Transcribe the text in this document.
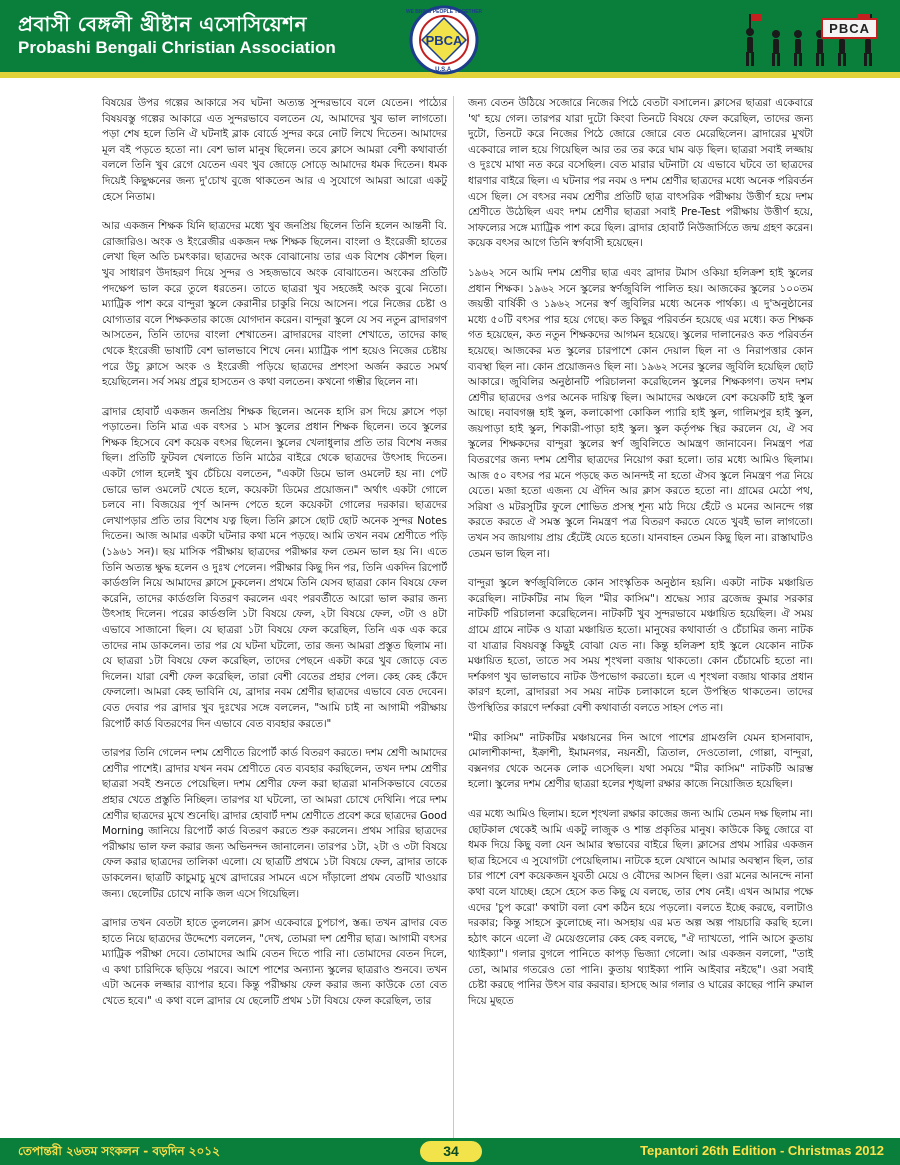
প্রবাসী বেঙ্গলী খ্রীষ্টান এসোসিয়েশন
Probashi Bengali Christian Association	PBCA
WE BRING PEOPLE TOGETHER
U.S.A.
PBCA

বিষয়ের উপর গল্পের আকারে সব ঘটনা অত্যন্ত সুন্দরভাবে বলে যেতেন। পাঠ্যের বিষয়বস্তু গল্পের আকারে এত সুন্দরভাবে বলতেন যে, আমাদের খুব ভাল লাগতো। পড়া শেষ হলে তিনি ঐ ঘটনাই ব্লাক বোর্ডে সুন্দর করে নোট লিখে দিতেন। আমাদের মূল বই পড়তে হতো না। বেশ ভাল মানুষ ছিলেন। তবে ক্লাসে আমরা বেশী কথাবার্তা বললে তিনি খুব রেগে যেতেন এবং খুব জোড়ে সোড়ে আমাদের ধমক দিতেন। ধমক দিয়েই কিছুক্ষনের জন্য দু'চোখ বুজে থাকতেন আর এ সুযোগে আমরা আরো একটু হেসে নিতাম।

আর একজন শিক্ষক যিনি ছাত্রদের মধ্যে খুব জনপ্রিয় ছিলেন তিনি হলেন আন্তনী বি. রোজারিও। অংক ও ইংরেজীর একজন দক্ষ শিক্ষক ছিলেন। বাংলা ও ইংরেজী হাতের লেখা ছিল অতি চমৎকার। ছাত্রদের অংক বোঝানোয় তার এক বিশেষ কৌশল ছিল। খুব সাধারণ উদাহরণ দিয়ে সুন্দর ও সহজভাবে অংক বোঝাতেন। অংকের প্রতিটি পদক্ষেপ ভাল করে তুলে ধরতেন। তাতে ছাত্ররা খুব সহজেই অংক বুঝে নিতো। ম্যাট্রিক পাশ করে বান্দুরা স্কুলে কেরানীর চাকুরি নিয়ে আসেন। পরে নিজের চেষ্টা ও যোগ্যতার বলে শিক্ষকতার কাজে যোগদান করেন। বান্দুরা স্কুলে যে সব নতুন ব্রাদারগণ আসতেন, তিনি তাদের বাংলা শেখাতেন। ব্রাদারদের বাংলা শেখাতে, তাদের কাছ থেকে ইংরেজী ভাষাটি বেশ ভালভাবে শিখে নেন। ম্যাট্রিক পাশ হয়েও নিজের চেষ্টায় পরে উচু ক্লাসে অংক ও ইংরেজী পড়িয়ে ছাত্রদের প্রশংসা অর্জন করতে সমর্থ হয়েছিলেন। সর্ব সময় প্রচুর হাসতেন ও কথা বলতেন। কখনো গম্ভীর ছিলেন না।

ব্রাদার হোবার্ট একজন জনপ্রিয় শিক্ষক ছিলেন। অনেক হাসি রস দিয়ে ক্লাসে পড়া পড়াতেন। তিনি মাত্র এক বৎসর ১ মাস স্কুলের প্রধান শিক্ষক ছিলেন। তবে স্কুলের শিক্ষক হিসেবে বেশ কয়েক বৎসর ছিলেন। স্কুলের খেলাধুলার প্রতি তার বিশেষ নজর ছিল। প্রতিটি ফুটবল খেলাতে তিনি মাঠের বাইরে থেকে ছাত্রদের উৎসাহ দিতেন। একটা গোল হলেই খুব চেঁচিয়ে বলতেন, "একটা ডিমে ভাল ওমলেট হয় না। পেট ভোরে ভাল ওমলেট খেতে হলে, কয়েকটা ডিমের প্রয়োজন।" অর্থাৎ একটা গোলে চলবে না। বিজয়ের পূর্ণ আনন্দ পেতে হলে কয়েকটা গোলের দরকার। ছাত্রদের লেখাপড়ার প্রতি তার বিশেষ যত্ন ছিল। তিনি ক্লাসে ছোট ছোট অনেক সুন্দর Notes দিতেন। আজ আমার একটা ঘটনার কথা মনে পড়ছে। আমি তখন নবম শ্রেণীতে পড়ি (১৯৬১ সন)। ছয় মাসিক পরীক্ষায় ছাত্রদের পরীক্ষার ফল তেমন ভাল হয় নি। এতে তিনি অত্যন্ত ক্ষুদ্ধ হলেন ও দুঃখ পেলেন। পরীক্ষার কিছু দিন পর, তিনি একদিন রিপোর্ট কার্ডগুলি নিয়ে আমাদের ক্লাসে ঢুকলেন। প্রথমে তিনি যেসব ছাত্ররা কোন বিষয়ে ফেল করেনি, তাদের কার্ডগুলি বিতরণ করলেন এবং পরবর্তীতে আরো ভাল করার জন্য উৎসাহ দিলেন। পরের কার্ডগুলি ১টা বিষয়ে ফেল, ২টা বিষয়ে ফেল, ৩টা ও ৪টা এভাবে সাজানো ছিল। যে ছাত্ররা ১টা বিষয়ে ফেল করেছিল, তিনি এক এক করে তাদের নাম ডাকলেন। তার পর যে ঘটনা ঘটলো, তার জন্য আমরা প্রস্তুত ছিলাম না। যে ছাত্ররা ১টা বিষয়ে ফেল করেছিল, তাদের পেছনে একটা করে খুব জোড়ে বেত দিলেন। যারা বেশী ফেল করেছিল, তারা বেশী বেতের প্রহার পেল। কেহ কেহ কেঁদে ফেললো। আমরা কেহ ভাবিনি যে, ব্রাদার নবম শ্রেণীর ছাত্রদের এভাবে বেত দেবেন। বেত দেবার পর ব্রাদার খুব দুঃখের সঙ্গে বললেন, "আমি চাই না আগামী পরীক্ষায় রিপোর্ট কার্ড বিতরণের দিন এভাবে বেত ব্যবহার করতে।"

তারপর তিনি গেলেন দশম শ্রেণীতে রিপোর্ট কার্ড বিতরণ করতে। দশম শ্রেণী আমাদের শ্রেণীর পাশেই। ব্রাদার যখন নবম শ্রেণীতে বেত ব্যবহার করছিলেন, তখন দশম শ্রেণীর ছাত্ররা সবই শুনতে পেয়েছিল। দশম শ্রেণীর ফেল করা ছাত্ররা মানসিকভাবে বেতের প্রহার খেতে প্রস্তুতি নিচ্ছিল। তারপর যা ঘটলো, তা আমরা চোখে দেখিনি। পরে দশম শ্রেণীর ছাত্রদের মুখে শুনেছি। ব্রাদার হোবার্ট দশম শ্রেণীতে প্রবেশ করে ছাত্রদের Good Morning জানিয়ে রিপোর্ট কার্ড বিতরণ করতে শুরু করলেন। প্রথম সারির ছাত্রদের পরীক্ষায় ভাল ফল করার জন্য অভিনন্দন জানালেন। তারপর ১টা, ২টা ও ৩টা বিষয়ে ফেল করার ছাত্রদের তালিকা এলো। যে ছাত্রটি প্রথমে ১টা বিষয়ে ফেল, ব্রাদার তাকে ডাকলেন। ছাত্রটি কাচুমাচু মুখে ব্রাদারের সামনে এসে দাঁড়ালো প্রথম বেতটি খাওয়ার জন্য। ছেলেটির চোখে নাকি জল এসে গিয়েছিল।

ব্রাদার তখন বেতটা হাতে তুললেন। ক্লাস একেবারে চুপচাপ, স্তব্ধ। তখন ব্রাদার বেত হাতে নিয়ে ছাত্রদের উদ্দেশ্যে বললেন, "দেখ, তোমরা দশ শ্রেণীর ছাত্র। আগামী বৎসর ম্যাট্রিক পরীক্ষা দেবে। তোমাদের আমি বেতন দিতে পারি না। তোমাদের বেতন দিলে, এ কথা চারিদিকে ছড়িয়ে পরবে। আশে পাশের অন্যান্য স্কুলের ছাত্ররাও শুনবে। তখন এটা অনেক লজ্জার ব্যাপার হবে। কিন্তু পরীক্ষায় ফেল করার জন্য কাউকে তো বেত খেতে হবে।" এ কথা বলে ব্রাদার যে ছেলেটি প্রথম ১টা বিষয়ে ফেল করেছিল, তার

জন্য বেতন উঠিয়ে সজোরে নিজের পিঠে বেতটা বসালেন। ক্লাসের ছাত্ররা একেবারে 'থ' হয়ে গেল। তারপর যারা দুটো কিংবা তিনটে বিষয়ে ফেল করেছিল, তাদের জন্য দুটো, তিনটে করে নিজের পিঠে জোরে জোরে বেত মেরেছিলেন। ব্রাদারের মুখটা একেবারে লাল হয়ে গিয়েছিল আর তর তর করে ঘাম ঝড় ছিল। ছাত্ররা সবাই লজ্জায় ও দুঃখে মাথা নত করে বসেছিল। বেত মারার ঘটনাটা যে এভাবে ঘটবে তা ছাত্রদের ধারণার বাইরে ছিল। এ ঘটনার পর নবম ও দশম শ্রেণীর ছাত্রদের মধ্যে অনেক পরিবর্তন এসে ছিল। সে বৎসর নবম শ্রেণীর প্রতিটি ছাত্র বাৎসরিক পরীক্ষায় উত্তীর্ণ হয়ে দশম শ্রেণীতে উঠেছিল এবং দশম শ্রেণীর ছাত্ররা সবাই Pre-Test পরীক্ষায় উত্তীর্ণ হয়ে, সাফল্যের সঙ্গে ম্যাট্রিক পাশ করে ছিল। ব্রাদার হোবার্ট নিউজার্সিতে জন্ম গ্রহণ করেন। কয়েক বৎসর আগে তিনি স্বর্গবাসী হয়েছেন।

১৯৬২ সনে আমি দশম শ্রেণীর ছাত্র এবং ব্রাদার টমাস ওকিয়া হলিক্রশ হাই স্কুলের প্রধান শিক্ষক। ১৯৬২ সনে স্কুলের স্বর্ণজুবিলি পালিত হয়। আজকের স্কুলের ১০০তম জয়ন্তী বার্ষিকী ও ১৯৬২ সনের স্বর্ণ জুবিলির মধ্যে অনেক পার্থক্য। এ দু'অনুষ্ঠানের মধ্যে ৫০টি বৎসর পার হয়ে গেছে। কত কিছুর পরিবর্তন হয়েছে এর মধ্যে। কত শিক্ষক গত হয়েছেন, কত নতুন শিক্ষকদের আগমন হয়েছে। স্কুলের দালানেরও কত পরিবর্তন হয়েছে। আজকের মত স্কুলের চারপাশে কোন দেয়াল ছিল না ও নিরাপত্তার কোন ব্যবস্থা ছিল না। কোন প্রয়োজনও ছিল না। ১৯৬২ সনের স্কুলের জুবিলি হয়েছিল ছোট আকারে। জুবিলির অনুষ্ঠানটি পরিচালনা করেছিলেন স্কুলের শিক্ষকগণ। তখন দশম শ্রেণীর ছাত্রদের ওপর অনেক দায়িত্ব ছিল। আমাদের অঞ্চলে বেশ কয়েকটি হাই স্কুল আছে। নবাবগঞ্জ হাই স্কুল, কলাকোপা কোকিল প্যারি হাই স্কুল, গালিমপুর হাই স্কুল, জয়পাড়া হাই স্কুল, শিকারী-পাড়া হাই স্কুল। স্কুল কর্তৃপক্ষ স্থির করলেন যে, ঐ সব স্কুলের শিক্ষকদের বান্দুরা স্কুলের স্বর্ণ জুবিলিতে আমন্ত্রণ জানাবেন। নিমন্ত্রণ পত্র বিতরণের জন্য দশম শ্রেণীর ছাত্রদের নিয়োগ করা হলো। তার মধ্যে আমিও ছিলাম। আজ ৫০ বৎসর পর মনে পড়ছে কত আনন্দই না হতো ঐসব স্কুলে নিমন্ত্রণ পত্র নিয়ে যেতে। মজা হতো এজন্য যে ঐদিন আর ক্লাস করতে হতো না। গ্রামের মেঠো পথ, সরিষা ও মটরসুটির ফুলে শোভিত প্রসস্থ শূন্য মাঠ দিয়ে হেঁটে ও মনের আনন্দে গল্প করতে করতে ঐ সমস্ত স্কুলে নিমন্ত্রণ পত্র বিতরণ করতে যেতে খুবই ভাল লাগতো। তখন সব জায়গায় প্রায় হেঁটেই যেতে হতো। যানবাহন তেমন কিছু ছিল না। রাস্তাঘাটও তেমন ভাল ছিল না।

বান্দুরা স্কুলে স্বর্ণজুবিলিতে কোন সাংস্কৃতিক অনুষ্ঠান হয়নি। একটা নাটক মঞ্চায়িত করেছিল। নাটকটির নাম ছিল "মীর কাসিম"। শ্রদ্ধেয় স্যার ব্রজেন্দ্র কুমার সরকার নাটকটি পরিচালনা করেছিলেন। নাটকটি খুব সুন্দরভাবে মঞ্চায়িত হয়েছিল। ঐ সময় গ্রামে গ্রামে নাটক ও যাত্রা মঞ্চায়িত হতো। মানুষের কথাবার্তা ও চেঁচামির জন্য নাটক বা যাত্রার বিষয়বস্তু কিছুই বোঝা যেত না। কিন্তু হলিক্রশ হাই স্কুলে যেকোন নাটক মঞ্চায়িত হতো, তাতে সব সময় শৃংখলা বজায় থাকতো। কোন চেঁচামেচি হতো না। দর্শকগণ খুব ভালভাবে নাটক উপভোগ করতো। হলে এ শৃংখলা বজায় থাকার প্রধান কারণ হলো, ব্রাদাররা সব সময় নাটক চলাকালে হলে উপস্থিত থাকতেন। তাদের উপস্থিতির কারণে দর্শকরা বেশী কথাবার্তা বলতে সাহস পেত না।

"মীর কাসিম" নাটকটির মঞ্চায়নের দিন আগে পাশের গ্রামগুলি যেমন হাসনাবাদ, মোলাশীকান্দা, ইক্রাশী, ইমামনগর, নয়নশ্রী, ত্রিতাল, দেওতোলা, গোল্লা, বান্দুরা, বক্সনগর থেকে অনেক লোক এসেছিল। যথা সময়ে "মীর কাসিম" নাটকটি আরম্ভ হলো। স্কুলের দশম শ্রেণীর ছাত্ররা হলের শৃঙ্খলা রক্ষার কাজে নিয়োজিত হয়েছিল।

এর মধ্যে আমিও ছিলাম। হলে শৃংখলা রক্ষার কাজের জন্য আমি তেমন দক্ষ ছিলাম না। ছোটকাল থেকেই আমি একটু লাজুক ও শান্ত প্রকৃতির মানুষ। কাউকে কিছু জোরে বা ধমক দিয়ে কিছু বলা যেন আমার স্বভাবের বাইরে ছিল। ক্লাসের প্রথম সারির একজন ছাত্র হিসেবে এ সুযোগটা পেয়েছিলাম। নাটকে হলে যেখানে আমার অবস্থান ছিল, তার চার পাশে বেশ কয়েকজন যুবতী মেয়ে ও বৌদের আসন ছিল। ওরা মনের আনন্দে নানা কথা বলে যাচ্ছে। হেসে হেসে কত কিছু যে বলছে, তার শেষ নেই। এখন আমার পক্ষে এদের 'চুপ করো' কথাটা বলা বেশ কঠিন হয়ে পড়লো। বলতে ইচ্ছে করছে, বলাটাও দরকার; কিন্তু সাহসে কুলোচ্ছে না। অসহায় এর মত অল্প অল্প পায়চারি করছি হলে। হঠাৎ কানে এলো ঐ মেয়েগুলোর কেহ কেহ বলছে, "ঐ দ্যাখতো, পানি আসে কুতায় থ্যাইক্যা"। গলার বুগলে পানিতে কাপড় ভিজ্যা গেলো। আর একজন বললো, "তাই তো, আমার গতরেও তো পানি। কুতায় থ্যাইক্যা পানি আইবার নইছে"। ওরা সবাই চেষ্টা করছে পানির উৎস বার করবার। হাসছে আর গলার ও ঘারের কাছের পানি রুমাল দিয়ে মুছতে

তেপান্তরী ২৬তম সংকলন - বড়দিন ২০১২	34	Tepantori 26th Edition - Christmas 2012
